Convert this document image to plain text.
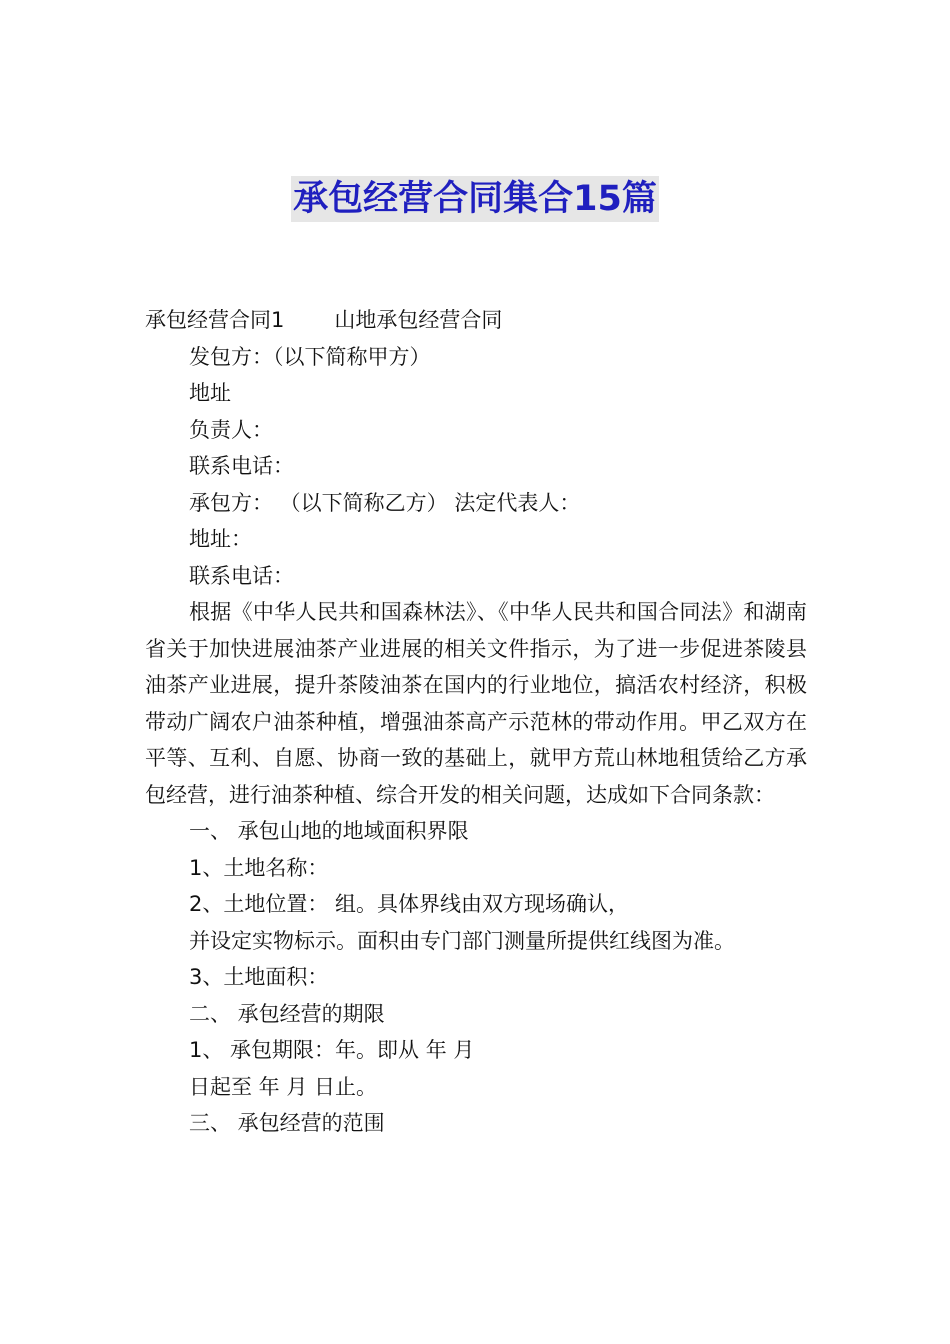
承包经营合同集合15篇
承包经营合同1 山地承包经营合同
发包方：（以下简称甲方）
地址
负责人：
联系电话：
承包方： （以下简称乙方） 法定代表人：
地址：
联系电话：
根据《中华人民共和国森林法》、《中华人民共和国合同法》和湖南省关于加快进展油茶产业进展的相关文件指示，为了进一步促进茶陵县油茶产业进展，提升茶陵油茶在国内的行业地位，搞活农村经济，积极带动广阔农户油茶种植，增强油茶高产示范林的带动作用。甲乙双方在平等、互利、自愿、协商一致的基础上，就甲方荒山林地租赁给乙方承包经营，进行油茶种植、综合开发的相关问题，达成如下合同条款：
一、 承包山地的地域面积界限
1、土地名称：
2、土地位置： 组。具体界线由双方现场确认，
并设定实物标示。面积由专门部门测量所提供红线图为准。
3、土地面积：
二、 承包经营的期限
1、 承包期限：年。即从 年 月
日起至 年 月 日止。
三、 承包经营的范围
